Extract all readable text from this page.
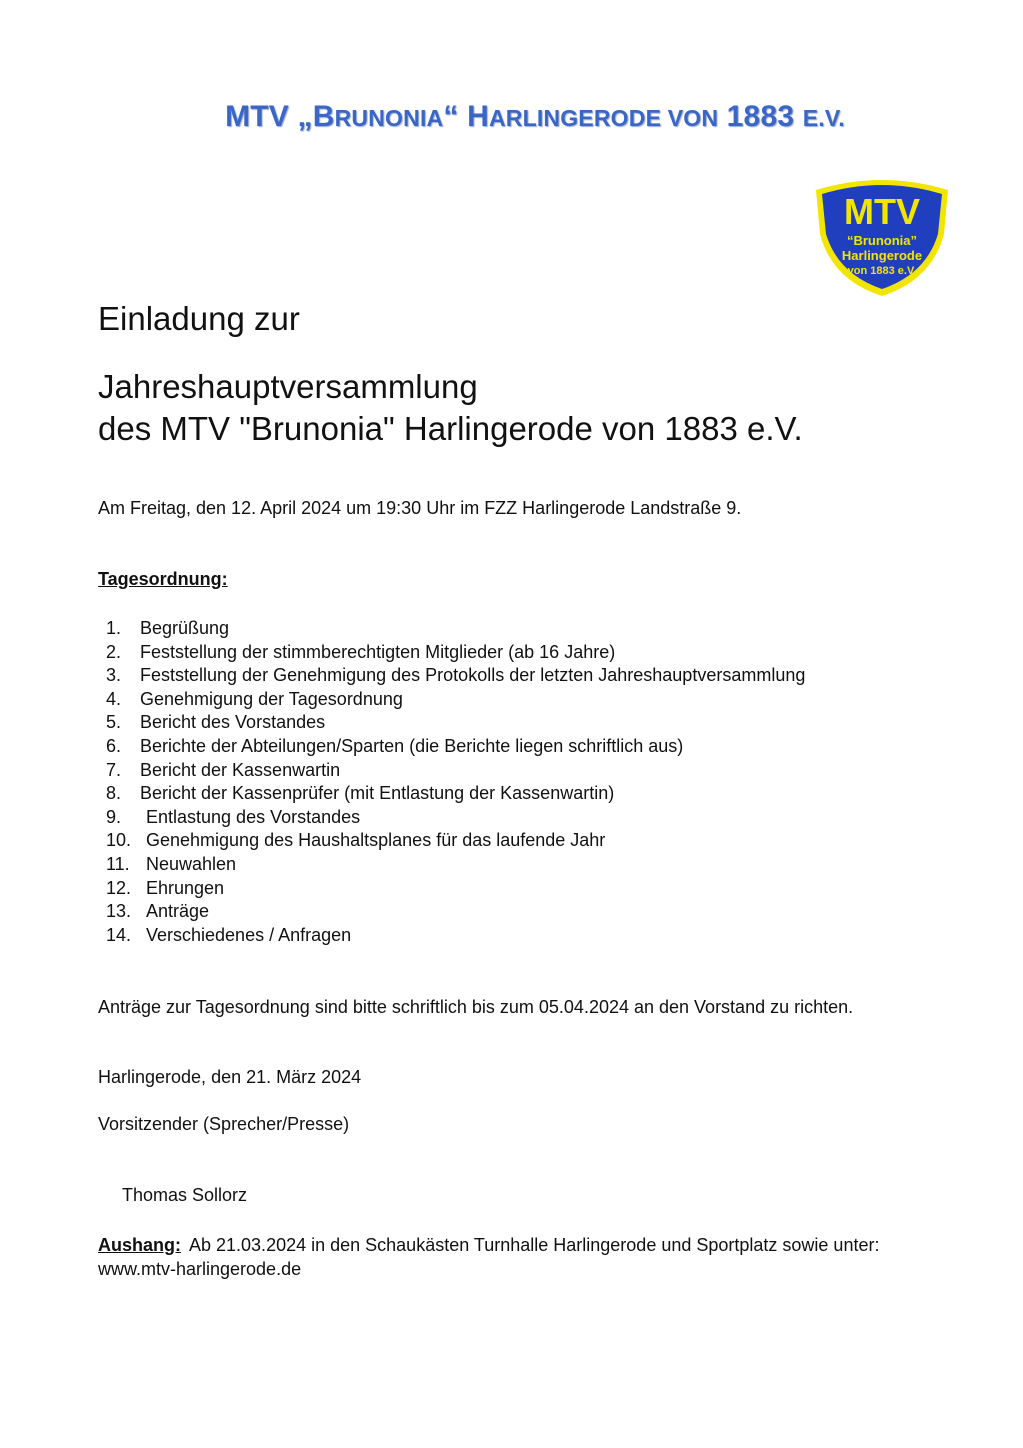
MTV „BRUNONIA“ HARLINGERODE VON 1883 E.V.
MTV
“Brunonia”
Harlingerode
von 1883 e.V.
Einladung zur
Jahreshauptversammlung
des MTV "Brunonia" Harlingerode von 1883 e.V.
Am Freitag, den 12. April 2024 um 19:30 Uhr im FZZ Harlingerode Landstraße 9.
Tagesordnung:
1. Begrüßung
2. Feststellung der stimmberechtigten Mitglieder (ab 16 Jahre)
3. Feststellung der Genehmigung des Protokolls der letzten Jahreshauptversammlung
4. Genehmigung der Tagesordnung
5. Bericht des Vorstandes
6. Berichte der Abteilungen/Sparten (die Berichte liegen schriftlich aus)
7. Bericht der Kassenwartin
8. Bericht der Kassenprüfer (mit Entlastung der Kassenwartin)
9. Entlastung des Vorstandes
10. Genehmigung des Haushaltsplanes für das laufende Jahr
11. Neuwahlen
12. Ehrungen
13. Anträge
14. Verschiedenes / Anfragen
Anträge zur Tagesordnung sind bitte schriftlich bis zum 05.04.2024 an den Vorstand zu richten.
Harlingerode, den 21. März 2024
Vorsitzender (Sprecher/Presse)
Thomas Sollorz
Aushang: Ab 21.03.2024 in den Schaukästen Turnhalle Harlingerode und Sportplatz sowie unter: www.mtv-harlingerode.de
